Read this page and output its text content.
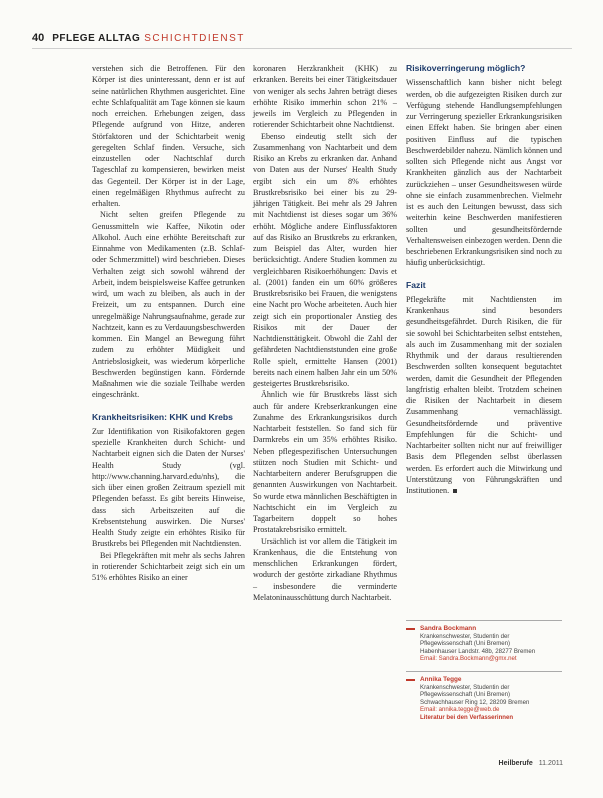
40 PFLEGE ALLTAG SCHICHTDIENST

verstehen sich die Betroffenen. Für den Körper ist dies uninteressant, denn er ist auf seine natürlichen Rhythmen ausgerichtet. Eine echte Schlafqualität am Tage können sie kaum noch erreichen. Erhebungen zeigen, dass Pflegende aufgrund von Hitze, anderen Störfaktoren und der Schichtarbeit wenig geregelten Schlaf finden. Versuche, sich einzustellen oder Nachtschlaf durch Tageschlaf zu kompensieren, bewirken meist das Gegenteil. Der Körper ist in der Lage, einen regelmäßigen Rhythmus aufrecht zu erhalten.

Nicht selten greifen Pflegende zu Genussmitteln wie Kaffee, Nikotin oder Alkohol. Auch eine erhöhte Bereitschaft zur Einnahme von Medikamenten (z.B. Schlaf- oder Schmerzmittel) wird beschrieben. Dieses Verhalten zeigt sich sowohl während der Arbeit, indem beispielsweise Kaffee getrunken wird, um wach zu bleiben, als auch in der Freizeit, um zu entspannen. Durch eine unregelmäßige Nahrungsaufnahme, gerade zur Nachtzeit, kann es zu Verdauungsbeschwerden kommen. Ein Mangel an Bewegung führt zudem zu erhöhter Müdigkeit und Antriebslosigkeit, was wiederum körperliche Beschwerden begünstigen kann. Fördernde Maßnahmen wie die soziale Teilhabe werden eingeschränkt.

Krankheitsrisiken: KHK und Krebs

Zur Identifikation von Risikofaktoren gegen spezielle Krankheiten durch Schicht- und Nachtarbeit eignen sich die Daten der Nurses' Health Study (vgl. http://www.channing.harvard.edu/nhs), die sich über einen großen Zeitraum speziell mit Pflegenden befasst. Es gibt bereits Hinweise, dass sich Arbeitszeiten auf die Krebsentstehung auswirken. Die Nurses' Health Study zeigte ein erhöhtes Risiko für Brustkrebs bei Pflegenden mit Nachtdiensten.

Bei Pflegekräften mit mehr als sechs Jahren in rotierender Schichtarbeit zeigt sich ein um 51% erhöhtes Risiko an einer

koronaren Herzkrankheit (KHK) zu erkranken. Bereits bei einer Tätigkeitsdauer von weniger als sechs Jahren beträgt dieses erhöhte Risiko immerhin schon 21% – jeweils im Vergleich zu Pflegenden in rotierender Schichtarbeit ohne Nachtdienst.

Ebenso eindeutig stellt sich der Zusammenhang von Nachtarbeit und dem Risiko an Krebs zu erkranken dar. Anhand von Daten aus der Nurses' Health Study ergibt sich ein um 8% erhöhtes Brustkrebsrisiko bei einer bis zu 29-jährigen Tätigkeit. Bei mehr als 29 Jahren mit Nachtdienst ist dieses sogar um 36% erhöht. Mögliche andere Einflussfaktoren auf das Risiko an Brustkrebs zu erkranken, zum Beispiel das Alter, wurden hier berücksichtigt. Andere Studien kommen zu vergleichbaren Risikoerhöhungen: Davis et al. (2001) fanden ein um 60% größeres Brustkrebsrisiko bei Frauen, die wenigstens eine Nacht pro Woche arbeiteten. Auch hier zeigt sich ein proportionaler Anstieg des Risikos mit der Dauer der Nachtdiensttätigkeit. Obwohl die Zahl der gefährdeten Nachtdienststunden eine große Rolle spielt, ermittelte Hansen (2001) bereits nach einem halben Jahr ein um 50% gesteigertes Brustkrebsrisiko.

Ähnlich wie für Brustkrebs lässt sich auch für andere Krebserkrankungen eine Zunahme des Erkrankungsrisikos durch Nachtarbeit feststellen. So fand sich für Darmkrebs ein um 35% erhöhtes Risiko. Neben pflegespezifischen Untersuchungen stützen noch Studien mit Schicht- und Nachtarbeitern anderer Berufsgruppen die genannten Auswirkungen von Nachtarbeit. So wurde etwa männlichen Beschäftigten in Nachtschicht ein im Vergleich zu Tagarbeitern doppelt so hohes Prostatakrebsrisiko ermittelt.

Ursächlich ist vor allem die Tätigkeit im Krankenhaus, die die Entstehung von menschlichen Erkrankungen fördert, wodurch der gestörte zirkadiane Rhythmus – insbesondere die verminderte Melatoninausschüttung durch Nachtarbeit.

Risikoverringerung möglich?

Wissenschaftlich kann bisher nicht belegt werden, ob die aufgezeigten Risiken durch zur Verfügung stehende Handlungsempfehlungen zur Verringerung spezieller Erkrankungsrisiken einen Effekt haben. Sie bringen aber einen positiven Einfluss auf die typischen Beschwerdebilder nahezu. Nämlich können und sollten sich Pflegende nicht aus Angst vor Krankheiten gänzlich aus der Nachtarbeit zurückziehen – unser Gesundheitswesen würde ohne sie einfach zusammenbrechen. Vielmehr ist es auch den Leitungen bewusst, dass sich weiterhin keine Beschwerden manifestieren sollten und gesundheitsfördernde Verhaltensweisen einbezogen werden. Denn die beschriebenen Erkrankungsrisiken sind noch zu häufig unberücksichtigt.

Fazit

Pflegekräfte mit Nachtdiensten im Krankenhaus sind besonders gesundheitsgefährdet. Durch Risiken, die für sie sowohl bei Schichtarbeiten selbst entstehen, als auch im Zusammenhang mit der sozialen Rhythmik und der daraus resultierenden Beschwerden sollten konsequent begutachtet werden, damit die Gesundheit der Pflegenden langfristig erhalten bleibt. Trotzdem scheinen die Risiken der Nachtarbeit in diesem Zusammenhang vernachlässigt. Gesundheitsfördernde und präventive Empfehlungen für die Schicht- und Nachtarbeiter sollten nicht nur auf freiwilliger Basis dem Pflegenden selbst überlassen werden. Es erfordert auch die Mitwirkung und Unterstützung von Führungskräften und Institutionen.

Sandra Bockmann
Krankenschwester, Studentin der
Pflegewissenschaft (Uni Bremen)
Habenhauser Landstr. 48b, 28277 Bremen
Email: Sandra.Bockmann@gmx.net
Annika Tegge
Krankenschwester, Studentin der
Pflegewissenschaft (Uni Bremen)
Schwachhauser Ring 12, 28209 Bremen
Email: annika.tegge@web.de
Literatur bei den Verfasserinnen
Heilberufe 11.2011
